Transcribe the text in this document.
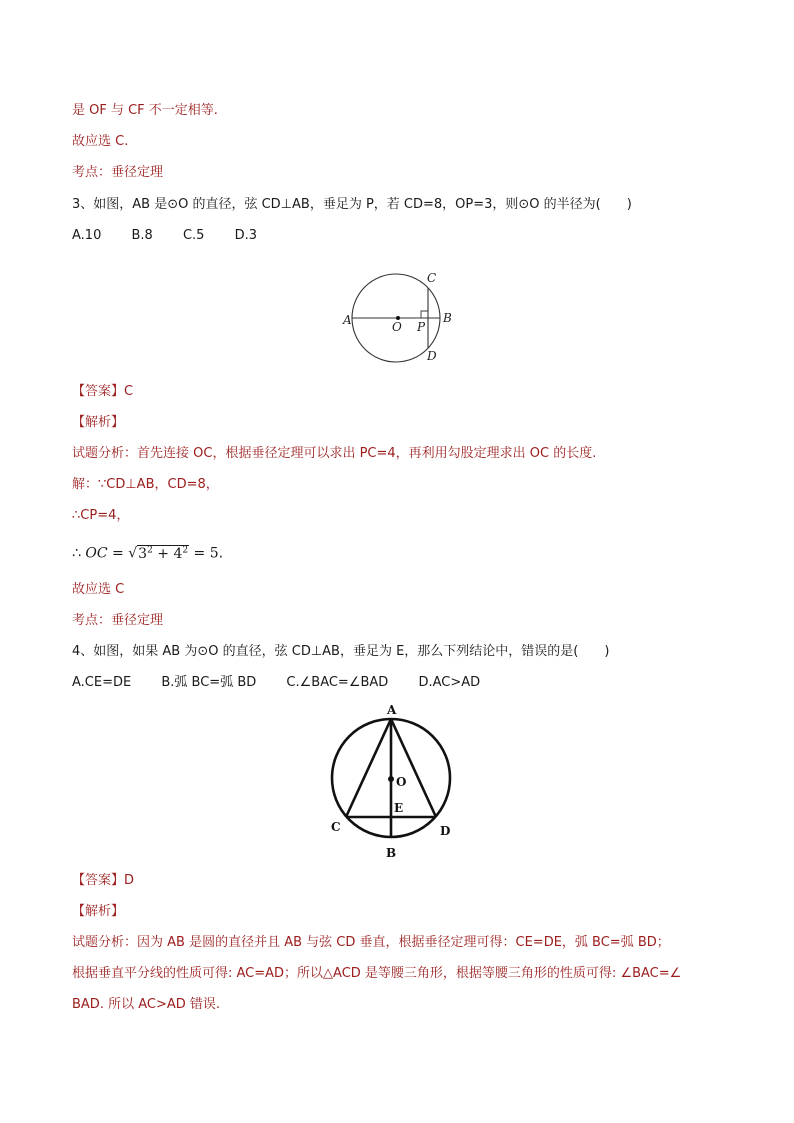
是 OF 与 CF 不一定相等.
故应选 C.
考点：垂径定理
3、如图，AB 是⊙O 的直径，弦 CD⊥AB，垂足为 P，若 CD=8，OP=3，则⊙O 的半径为(　　)
A.10 B.8 C.5 D.3
A	O P
B
C
D
【答案】C
【解析】
试题分析：首先连接 OC，根据垂径定理可以求出 PC=4，再利用勾股定理求出 OC 的长度.
解：∵CD⊥AB，CD=8，
∴CP=4，
∴ OC = $√3^2 + 4^2 = 5$.
故应选 C
考点：垂径定理
4、如图，如果 AB 为⊙O 的直径，弦 CD⊥AB，垂足为 E，那么下列结论中，错误的是(　　)
A.CE=DE B.弧 BC=弧 BD C.∠BAC=∠BAD D.AC>AD
A
O
E
C	D
B
【答案】D
【解析】
试题分析：因为 AB 是圆的直径并且 AB 与弦 CD 垂直，根据垂径定理可得：CE=DE，弧 BC=弧 BD；
根据垂直平分线的性质可得: AC=AD；所以△ACD 是等腰三角形，根据等腰三角形的性质可得: ∠BAC=∠
BAD. 所以 AC>AD 错误.
